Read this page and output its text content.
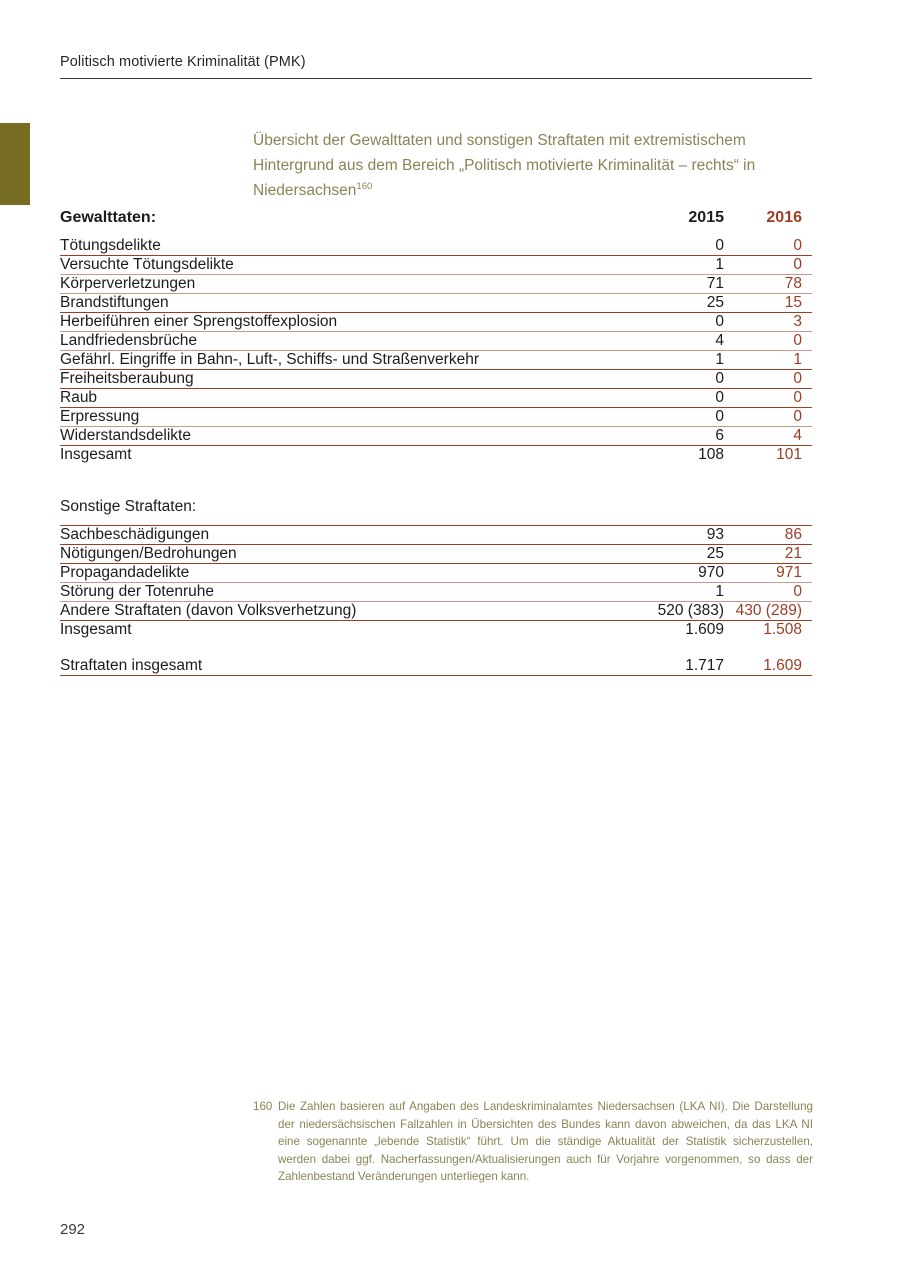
Politisch motivierte Kriminalität (PMK)
Übersicht der Gewalttaten und sonstigen Straftaten mit extremistischem Hintergrund aus dem Bereich „Politisch motivierte Kriminalität – rechts“ in Niedersachsen$^{160}$
Gewalttaten:	2015	2016
Tötungsdelikte	0	0
Versuchte Tötungsdelikte	1	0
Körperverletzungen	71	78
Brandstiftungen	25	15
Herbeiführen einer Sprengstoffexplosion	0	3
Landfriedensbrüche	4	0
Gefährl. Eingriffe in Bahn-, Luft-, Schiffs- und Straßenverkehr	1	1
Freiheitsberaubung	0	0
Raub	0	0
Erpressung	0	0
Widerstandsdelikte	6	4
Insgesamt	108	101

Sonstige Straftaten:		
Sachbeschädigungen	93	86
Nötigungen/Bedrohungen	25	21
Propagandadelikte	970	971
Störung der Totenruhe	1	0
Andere Straftaten (davon Volksverhetzung)	520 (383)	430 (289)
Insgesamt	1.609	1.508

Straftaten insgesamt	1.717	1.609
160 Die Zahlen basieren auf Angaben des Landeskriminalamtes Niedersachsen (LKA NI). Die Darstellung der niedersächsischen Fallzahlen in Übersichten des Bundes kann davon abweichen, da das LKA NI eine sogenannte „lebende Statistik“ führt. Um die ständige Aktualität der Statistik sicherzustellen, werden dabei ggf. Nacherfassungen/Aktualisierungen auch für Vorjahre vorgenommen, so dass der Zahlenbestand Veränderungen unterliegen kann.
292
